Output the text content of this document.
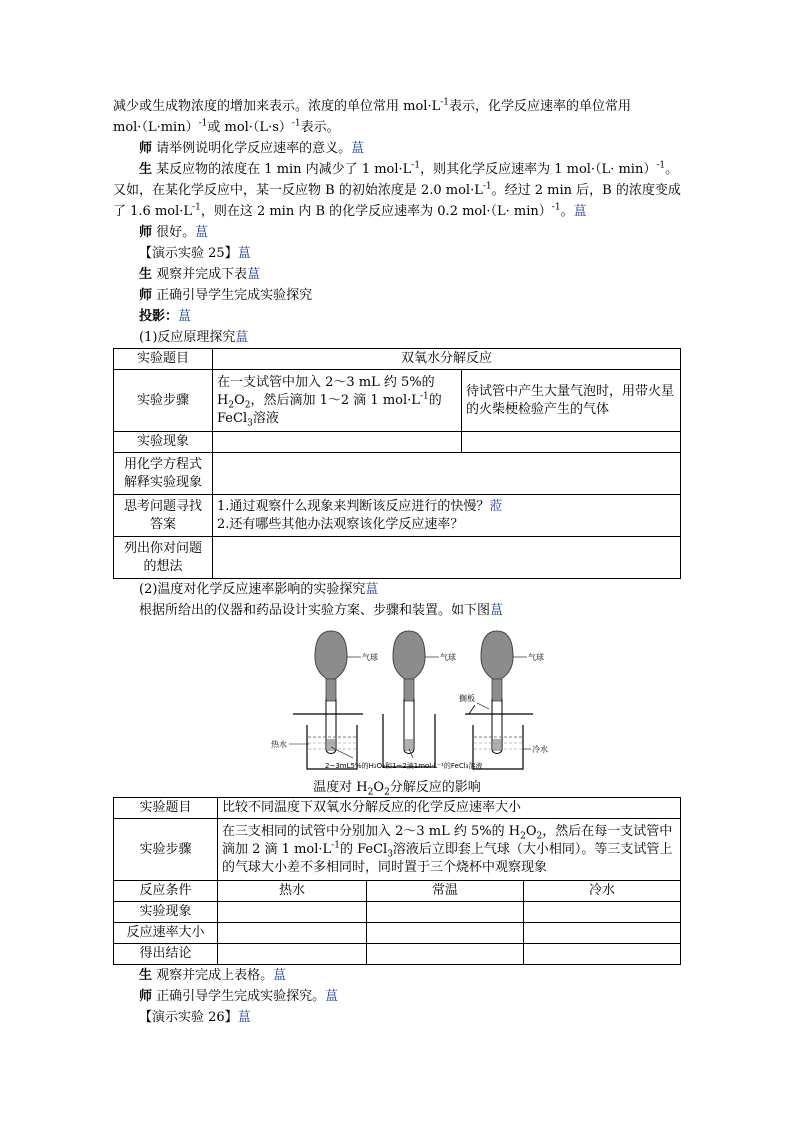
减少或生成物浓度的增加来表示。浓度的单位常用 $mol\cdot L^{-1}$表示，化学反应速率的单位常用

$mol\cdot(L\cdot\min)^{-1}$或 $mol\cdot(L\cdot s)^{-1}$表示。

师 请举例说明化学反应速率的意义。蒀

生 某反应物的浓度在 1 min 内减少了 1 $mol\cdot L^{-1}$，则其化学反应速率为 1 $mol\cdot(L\cdot \min)^{-1}$。又如，在某化学反应中，某一反应物 B 的初始浓度是 2.0 $mol\cdot L^{-1}$。经过 2 min 后，B 的浓度变成了 1.6 $mol\cdot L^{-1}$，则在这 2 min 内 B 的化学反应速率为 0.2 $mol\cdot(L\cdot \min)^{-1}$。蒀

师 很好。蒀

【演示实验 25】蒀

生 观察并完成下表蒀

师 正确引导学生完成实验探究

投影：蒀

(1)反应原理探究蒀

实验题目	双氧水分解反应	
实验步骤	在一支试管中加入 2～3 mL 约 5%的
$H_2O_2$，然后滴加 1～2 滴 1 $mol\cdot L^{-1}$的
FeCl$_3$溶液	待试管中产生大量气泡时，用带火星的火柴梗检验产生的气体
实验现象		
用化学方程式解释实验现象		
思考问题寻找答案	1.通过观察什么现象来判断该反应进行的快慢？蒞
2.还有哪些其他办法观察该化学反应速率？	
列出你对问题的想法		

(2)温度对化学反应速率影响的实验探究蒀

根据所给出的仪器和药品设计实验方案、步骤和装置。如下图蒀

气球	气球	气球
搁板
热水
冷水
2~3mL5%的H₂O₂和1~2滴1mol·L⁻¹的FeCl₃溶液

温度对 $H_2O_2$分解反应的影响

实验题目	比较不同温度下双氧水分解反应的化学反应速率大小		
实验步骤	在三支相同的试管中分别加入 2～3 mL 约 5%的 $H_2O_2$，然后在每一支试管中滴加 2 滴 1 $mol\cdot L^{-1}$的 FeCl$_3$溶液后立即套上气球（大小相同）。等三支试管上的气球大小差不多相同时，同时置于三个烧杯中观察现象		
反应条件	热水	常温	冷水
实验现象			
反应速率大小			
得出结论			

生 观察并完成上表格。蒀

师 正确引导学生完成实验探究。蒀

【演示实验 26】蒀
